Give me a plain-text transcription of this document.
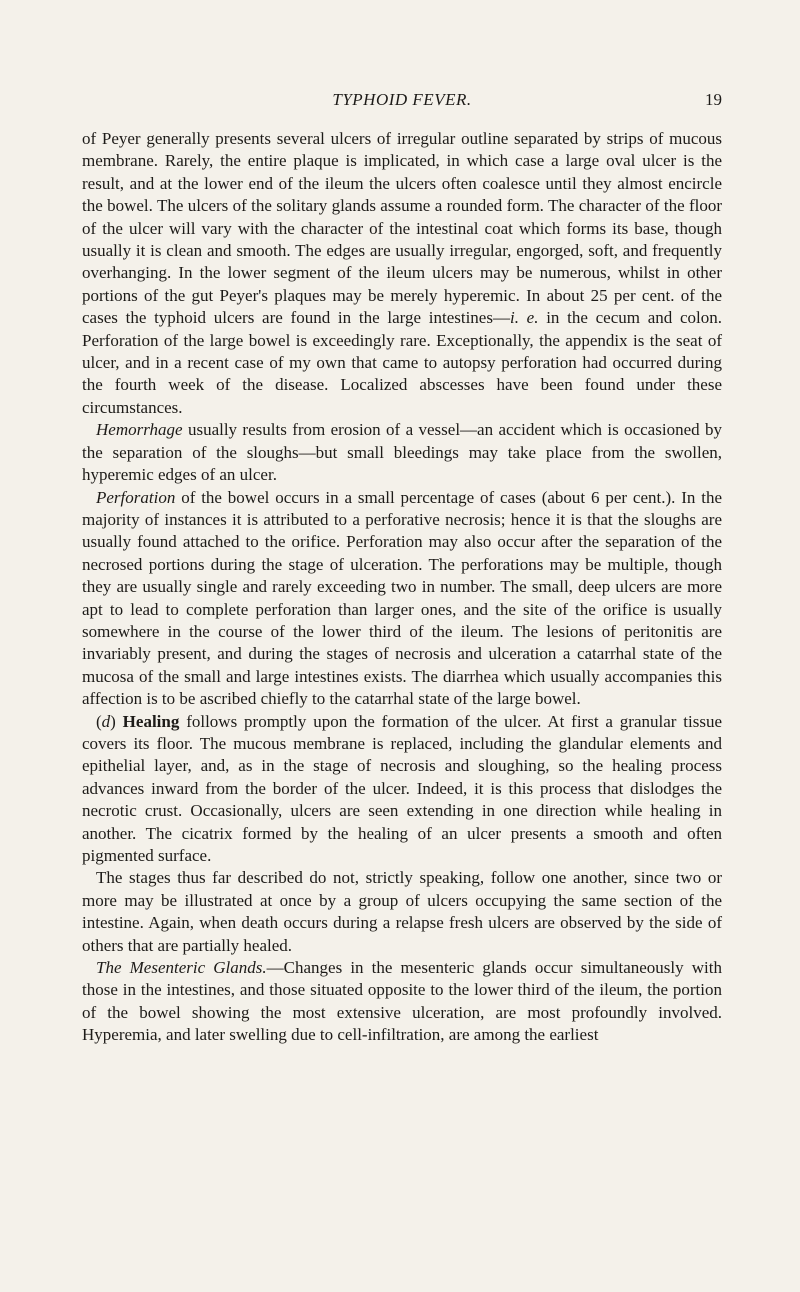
TYPHOID FEVER.	19

of Peyer generally presents several ulcers of irregular outline separated by strips of mucous membrane. Rarely, the entire plaque is implicated, in which case a large oval ulcer is the result, and at the lower end of the ileum the ulcers often coalesce until they almost encircle the bowel. The ulcers of the solitary glands assume a rounded form. The character of the floor of the ulcer will vary with the character of the intestinal coat which forms its base, though usually it is clean and smooth. The edges are usually irregular, engorged, soft, and frequently overhanging. In the lower segment of the ileum ulcers may be numerous, whilst in other portions of the gut Peyer's plaques may be merely hyperemic. In about 25 per cent. of the cases the typhoid ulcers are found in the large intestines—i. e. in the cecum and colon. Perforation of the large bowel is exceedingly rare. Exceptionally, the appendix is the seat of ulcer, and in a recent case of my own that came to autopsy perforation had occurred during the fourth week of the disease. Localized abscesses have been found under these circumstances.

Hemorrhage usually results from erosion of a vessel—an accident which is occasioned by the separation of the sloughs—but small bleedings may take place from the swollen, hyperemic edges of an ulcer.

Perforation of the bowel occurs in a small percentage of cases (about 6 per cent.). In the majority of instances it is attributed to a perforative necrosis; hence it is that the sloughs are usually found attached to the orifice. Perforation may also occur after the separation of the necrosed portions during the stage of ulceration. The perforations may be multiple, though they are usually single and rarely exceeding two in number. The small, deep ulcers are more apt to lead to complete perforation than larger ones, and the site of the orifice is usually somewhere in the course of the lower third of the ileum. The lesions of peritonitis are invariably present, and during the stages of necrosis and ulceration a catarrhal state of the mucosa of the small and large intestines exists. The diarrhea which usually accompanies this affection is to be ascribed chiefly to the catarrhal state of the large bowel.

(d) Healing follows promptly upon the formation of the ulcer. At first a granular tissue covers its floor. The mucous membrane is replaced, including the glandular elements and epithelial layer, and, as in the stage of necrosis and sloughing, so the healing process advances inward from the border of the ulcer. Indeed, it is this process that dislodges the necrotic crust. Occasionally, ulcers are seen extending in one direction while healing in another. The cicatrix formed by the healing of an ulcer presents a smooth and often pigmented surface.

The stages thus far described do not, strictly speaking, follow one another, since two or more may be illustrated at once by a group of ulcers occupying the same section of the intestine. Again, when death occurs during a relapse fresh ulcers are observed by the side of others that are partially healed.

The Mesenteric Glands.—Changes in the mesenteric glands occur simultaneously with those in the intestines, and those situated opposite to the lower third of the ileum, the portion of the bowel showing the most extensive ulceration, are most profoundly involved. Hyperemia, and later swelling due to cell-infiltration, are among the earliest
